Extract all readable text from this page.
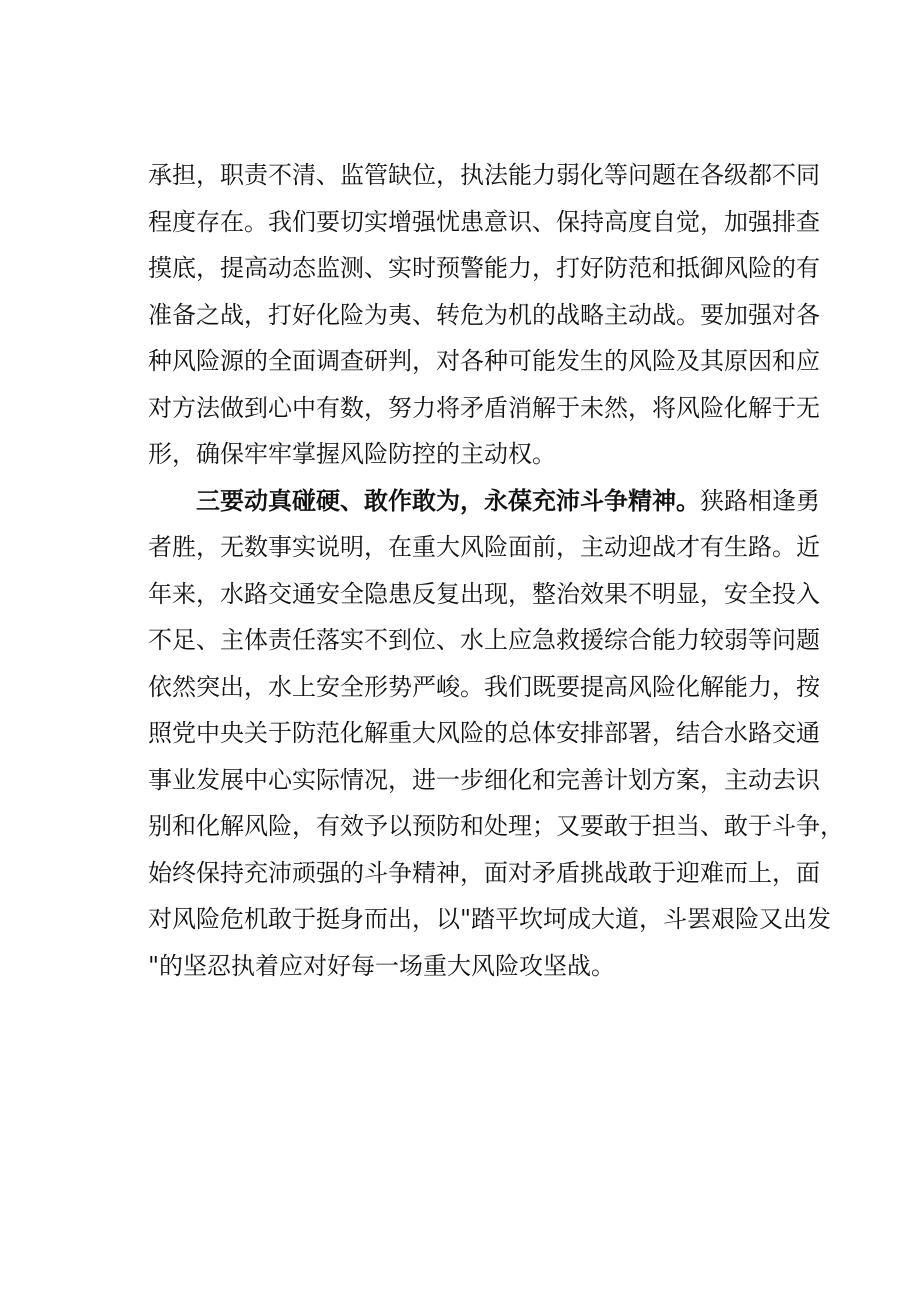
承担，职责不清、监管缺位，执法能力弱化等问题在各级都不同
程度存在。我们要切实增强忧患意识、保持高度自觉，加强排查
摸底，提高动态监测、实时预警能力，打好防范和抵御风险的有
准备之战，打好化险为夷、转危为机的战略主动战。要加强对各
种风险源的全面调查研判，对各种可能发生的风险及其原因和应
对方法做到心中有数，努力将矛盾消解于未然，将风险化解于无
形，确保牢牢掌握风险防控的主动权。
三要动真碰硬、敢作敢为，永葆充沛斗争精神。狭路相逢勇
者胜，无数事实说明，在重大风险面前，主动迎战才有生路。近
年来，水路交通安全隐患反复出现，整治效果不明显，安全投入
不足、主体责任落实不到位、水上应急救援综合能力较弱等问题
依然突出，水上安全形势严峻。我们既要提高风险化解能力，按
照党中央关于防范化解重大风险的总体安排部署，结合水路交通
事业发展中心实际情况，进一步细化和完善计划方案，主动去识
别和化解风险，有效予以预防和处理；又要敢于担当、敢于斗争，
始终保持充沛顽强的斗争精神，面对矛盾挑战敢于迎难而上，面
对风险危机敢于挺身而出，以"踏平坎坷成大道，斗罢艰险又出发
"的坚忍执着应对好每一场重大风险攻坚战。
